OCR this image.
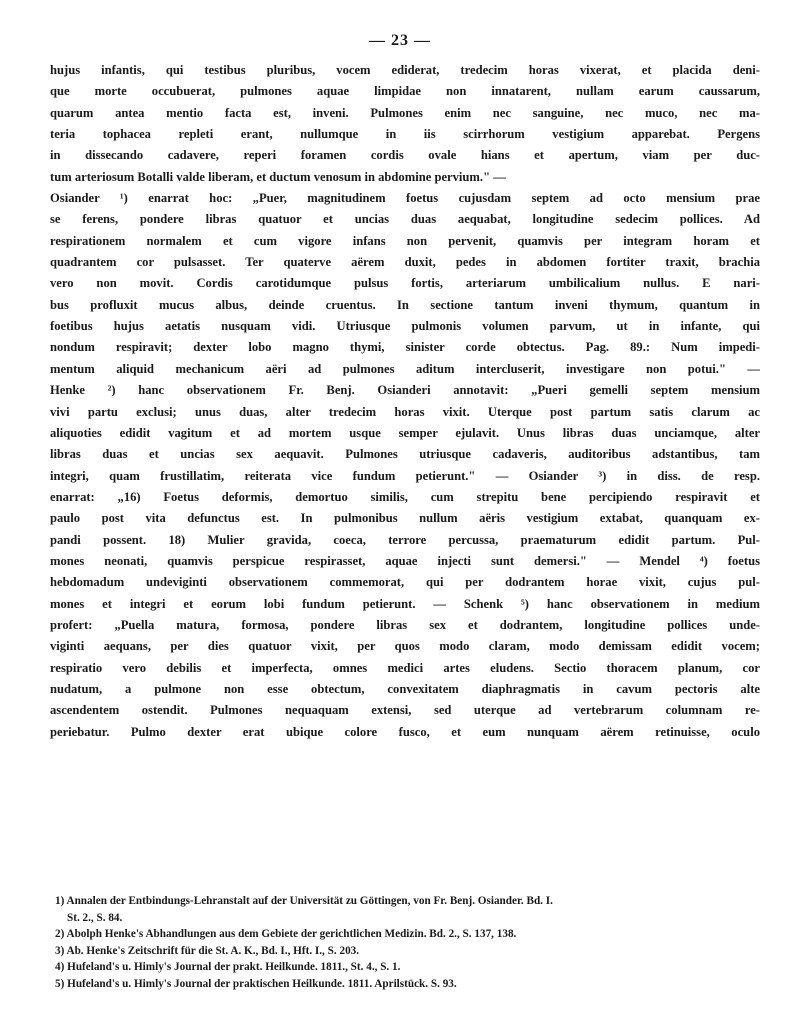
— 23 —
hujus infantis, qui testibus pluribus, vocem ediderat, tredecim horas vixerat, et placida deni-
que morte occubuerat, pulmones aquae limpidae non innatarent, nullam earum caussarum,
quarum antea mentio facta est, inveni. Pulmones enim nec sanguine, nec muco, nec ma-
teria tophacea repleti erant, nullumque in iis scirrhorum vestigium apparebat. Pergens
in dissecando cadavere, reperi foramen cordis ovale hians et apertum, viam per duc-
tum arteriosum Botalli valde liberam, et ductum venosum in abdomine pervium." —
Osiander ¹) enarrat hoc: „Puer, magnitudinem foetus cujusdam septem ad octo mensium prae
se ferens, pondere libras quatuor et uncias duas aequabat, longitudine sedecim pollices. Ad
respirationem normalem et cum vigore infans non pervenit, quamvis per integram horam et
quadrantem cor pulsasset. Ter quaterve aërem duxit, pedes in abdomen fortiter traxit, brachia
vero non movit. Cordis carotidumque pulsus fortis, arteriarum umbilicalium nullus. E nari-
bus profluxit mucus albus, deinde cruentus. In sectione tantum inveni thymum, quantum in
foetibus hujus aetatis nusquam vidi. Utriusque pulmonis volumen parvum, ut in infante, qui
nondum respiravit; dexter lobo magno thymi, sinister corde obtectus. Pag. 89.: Num impedi-
mentum aliquid mechanicum aëri ad pulmones aditum intercluserit, investigare non potui." —
Henke ²) hanc observationem Fr. Benj. Osianderi annotavit: „Pueri gemelli septem mensium
vivi partu exclusi; unus duas, alter tredecim horas vixit. Uterque post partum satis clarum ac
aliquoties edidit vagitum et ad mortem usque semper ejulavit. Unus libras duas unciamque, alter
libras duas et uncias sex aequavit. Pulmones utriusque cadaveris, auditoribus adstantibus, tam
integri, quam frustillatim, reiterata vice fundum petierunt." — Osiander ³) in diss. de resp.
enarrat: „16) Foetus deformis, demortuo similis, cum strepitu bene percipiendo respiravit et
paulo post vita defunctus est. In pulmonibus nullum aëris vestigium extabat, quanquam ex-
pandi possent. 18) Mulier gravida, coeca, terrore percussa, praematurum edidit partum. Pul-
mones neonati, quamvis perspicue respirasset, aquae injecti sunt demersi." — Mendel ⁴) foetus
hebdomadum undeviginti observationem commemorat, qui per dodrantem horae vixit, cujus pul-
mones et integri et eorum lobi fundum petierunt. — Schenk ⁵) hanc observationem in medium
profert: „Puella matura, formosa, pondere libras sex et dodrantem, longitudine pollices unde-
viginti aequans, per dies quatuor vixit, per quos modo claram, modo demissam edidit vocem;
respiratio vero debilis et imperfecta, omnes medici artes eludens. Sectio thoracem planum, cor
nudatum, a pulmone non esse obtectum, convexitatem diaphragmatis in cavum pectoris alte
ascendentem ostendit. Pulmones nequaquam extensi, sed uterque ad vertebrarum columnam re-
periebatur. Pulmo dexter erat ubique colore fusco, et eum nunquam aërem retinuisse, oculo
1) Annalen der Entbindungs-Lehranstalt auf der Universität zu Göttingen, von Fr. Benj. Osiander. Bd. I.
St. 2., S. 84.
2) Abolph Henke's Abhandlungen aus dem Gebiete der gerichtlichen Medizin. Bd. 2., S. 137, 138.
3) Ab. Henke's Zeitschrift für die St. A. K., Bd. I., Hft. I., S. 203.
4) Hufeland's u. Himly's Journal der prakt. Heilkunde. 1811., St. 4., S. 1.
5) Hufeland's u. Himly's Journal der praktischen Heilkunde. 1811. Aprilstück. S. 93.
